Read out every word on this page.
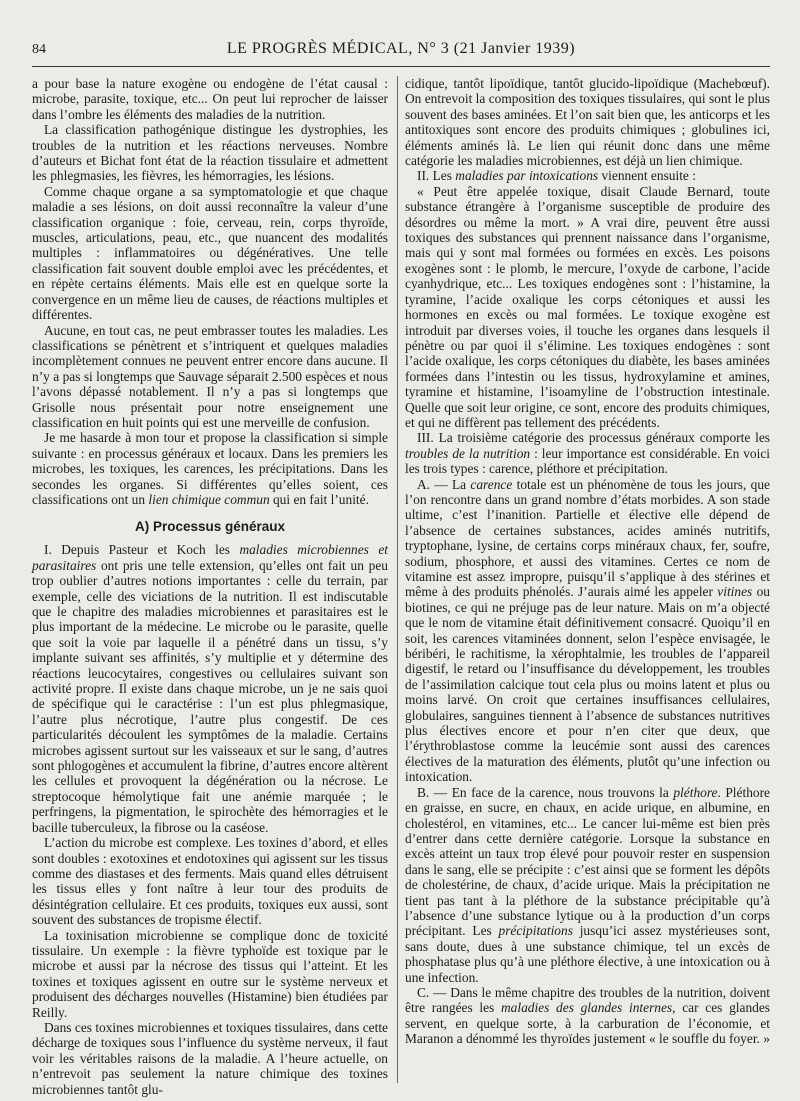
84	LE PROGRÈS MÉDICAL, N° 3 (21 Janvier 1939)

a pour base la nature exogène ou endogène de l’état causal : microbe, parasite, toxique, etc... On peut lui reprocher de laisser dans l’ombre les éléments des maladies de la nutrition.

La classification pathogénique distingue les dystrophies, les troubles de la nutrition et les réactions nerveuses. Nombre d’auteurs et Bichat font état de la réaction tissulaire et admettent les phlegmasies, les fièvres, les hémorragies, les lésions.

Comme chaque organe a sa symptomatologie et que chaque maladie a ses lésions, on doit aussi reconnaître la valeur d’une classification organique : foie, cerveau, rein, corps thyroïde, muscles, articulations, peau, etc., que nuancent des modalités multiples : inflammatoires ou dégénératives. Une telle classification fait souvent double emploi avec les précédentes, et en répète certains éléments. Mais elle est en quelque sorte la convergence en un même lieu de causes, de réactions multiples et différentes.

Aucune, en tout cas, ne peut embrasser toutes les maladies. Les classifications se pénètrent et s’intriquent et quelques maladies incomplètement connues ne peuvent entrer encore dans aucune. Il n’y a pas si longtemps que Sauvage séparait 2.500 espèces et nous l’avons dépassé notablement. Il n’y a pas si longtemps que Grisolle nous présentait pour notre enseignement une classification en huit points qui est une merveille de confusion.

Je me hasarde à mon tour et propose la classification si simple suivante : en processus généraux et locaux. Dans les premiers les microbes, les toxiques, les carences, les précipitations. Dans les secondes les organes. Si différentes qu’elles soient, ces classifications ont un lien chimique commun qui en fait l’unité.

A) Processus généraux

I. Depuis Pasteur et Koch les maladies microbiennes et parasitaires ont pris une telle extension, qu’elles ont fait un peu trop oublier d’autres notions importantes : celle du terrain, par exemple, celle des viciations de la nutrition. Il est indiscutable que le chapitre des maladies microbiennes et parasitaires est le plus important de la médecine. Le microbe ou le parasite, quelle que soit la voie par laquelle il a pénétré dans un tissu, s’y implante suivant ses affinités, s’y multiplie et y détermine des réactions leucocytaires, congestives ou cellulaires suivant son activité propre. Il existe dans chaque microbe, un je ne sais quoi de spécifique qui le caractérise : l’un est plus phlegmasique, l’autre plus nécrotique, l’autre plus congestif. De ces particularités découlent les symptômes de la maladie. Certains microbes agissent surtout sur les vaisseaux et sur le sang, d’autres sont phlogogènes et accumulent la fibrine, d’autres encore altèrent les cellules et provoquent la dégénération ou la nécrose. Le streptocoque hémolytique fait une anémie marquée ; le perfringens, la pigmentation, le spirochète des hémorragies et le bacille tuberculeux, la fibrose ou la caséose.

L’action du microbe est complexe. Les toxines d’abord, et elles sont doubles : exotoxines et endotoxines qui agissent sur les tissus comme des diastases et des ferments. Mais quand elles détruisent les tissus elles y font naître à leur tour des produits de désintégration cellulaire. Et ces produits, toxiques eux aussi, sont souvent des substances de tropisme électif.

La toxinisation microbienne se complique donc de toxicité tissulaire. Un exemple : la fièvre typhoïde est toxique par le microbe et aussi par la nécrose des tissus qui l’atteint. Et les toxines et toxiques agissent en outre sur le système nerveux et produisent des décharges nouvelles (Histamine) bien étudiées par Reilly.

Dans ces toxines microbiennes et toxiques tissulaires, dans cette décharge de toxiques sous l’influence du système nerveux, il faut voir les véritables raisons de la maladie. A l’heure actuelle, on n’entrevoit pas seulement la nature chimique des toxines microbiennes tantôt glu-

cidique, tantôt lipoïdique, tantôt glucido-lipoïdique (Machebœuf). On entrevoit la composition des toxiques tissulaires, qui sont le plus souvent des bases aminées. Et l’on sait bien que, les anticorps et les antitoxiques sont encore des produits chimiques ; globulines ici, éléments aminés là. Le lien qui réunit donc dans une même catégorie les maladies microbiennes, est déjà un lien chimique.

II. Les maladies par intoxications viennent ensuite :

« Peut être appelée toxique, disait Claude Bernard, toute substance étrangère à l’organisme susceptible de produire des désordres ou même la mort. » A vrai dire, peuvent être aussi toxiques des substances qui prennent naissance dans l’organisme, mais qui y sont mal formées ou formées en excès. Les poisons exogènes sont : le plomb, le mercure, l’oxyde de carbone, l’acide cyanhydrique, etc... Les toxiques endogènes sont : l’histamine, la tyramine, l’acide oxalique les corps cétoniques et aussi les hormones en excès ou mal formées. Le toxique exogène est introduit par diverses voies, il touche les organes dans lesquels il pénètre ou par quoi il s’élimine. Les toxiques endogènes : sont l’acide oxalique, les corps cétoniques du diabète, les bases aminées formées dans l’intestin ou les tissus, hydroxylamine et amines, tyramine et histamine, l’isoamyline de l’obstruction intestinale. Quelle que soit leur origine, ce sont, encore des produits chimiques, et qui ne diffèrent pas tellement des précédents.

III. La troisième catégorie des processus généraux comporte les troubles de la nutrition : leur importance est considérable. En voici les trois types : carence, pléthore et précipitation.

A. — La carence totale est un phénomène de tous les jours, que l’on rencontre dans un grand nombre d’états morbides. A son stade ultime, c’est l’inanition. Partielle et élective elle dépend de l’absence de certaines substances, acides aminés nutritifs, tryptophane, lysine, de certains corps minéraux chaux, fer, soufre, sodium, phosphore, et aussi des vitamines. Certes ce nom de vitamine est assez impropre, puisqu’il s’applique à des stérines et même à des produits phénolés. J’aurais aimé les appeler vitines ou biotines, ce qui ne préjuge pas de leur nature. Mais on m’a objecté que le nom de vitamine était définitivement consacré. Quoiqu’il en soit, les carences vitaminées donnent, selon l’espèce envisagée, le béribéri, le rachitisme, la xérophtalmie, les troubles de l’appareil digestif, le retard ou l’insuffisance du développement, les troubles de l’assimilation calcique tout cela plus ou moins latent et plus ou moins larvé. On croit que certaines insuffisances cellulaires, globulaires, sanguines tiennent à l’absence de substances nutritives plus électives encore et pour n’en citer que deux, que l’érythroblastose comme la leucémie sont aussi des carences électives de la maturation des éléments, plutôt qu’une infection ou intoxication.

B. — En face de la carence, nous trouvons la pléthore. Pléthore en graisse, en sucre, en chaux, en acide urique, en albumine, en cholestérol, en vitamines, etc... Le cancer lui-même est bien près d’entrer dans cette dernière catégorie. Lorsque la substance en excès atteint un taux trop élevé pour pouvoir rester en suspension dans le sang, elle se précipite : c’est ainsi que se forment les dépôts de cholestérine, de chaux, d’acide urique. Mais la précipitation ne tient pas tant à la pléthore de la substance précipitable qu’à l’absence d’une substance lytique ou à la production d’un corps précipitant. Les précipitations jusqu’ici assez mystérieuses sont, sans doute, dues à une substance chimique, tel un excès de phosphatase plus qu’à une pléthore élective, à une intoxication ou à une infection.

C. — Dans le même chapitre des troubles de la nutrition, doivent être rangées les maladies des glandes internes, car ces glandes servent, en quelque sorte, à la carburation de l’économie, et Maranon a dénommé les thyroïdes justement « le souffle du foyer. »
